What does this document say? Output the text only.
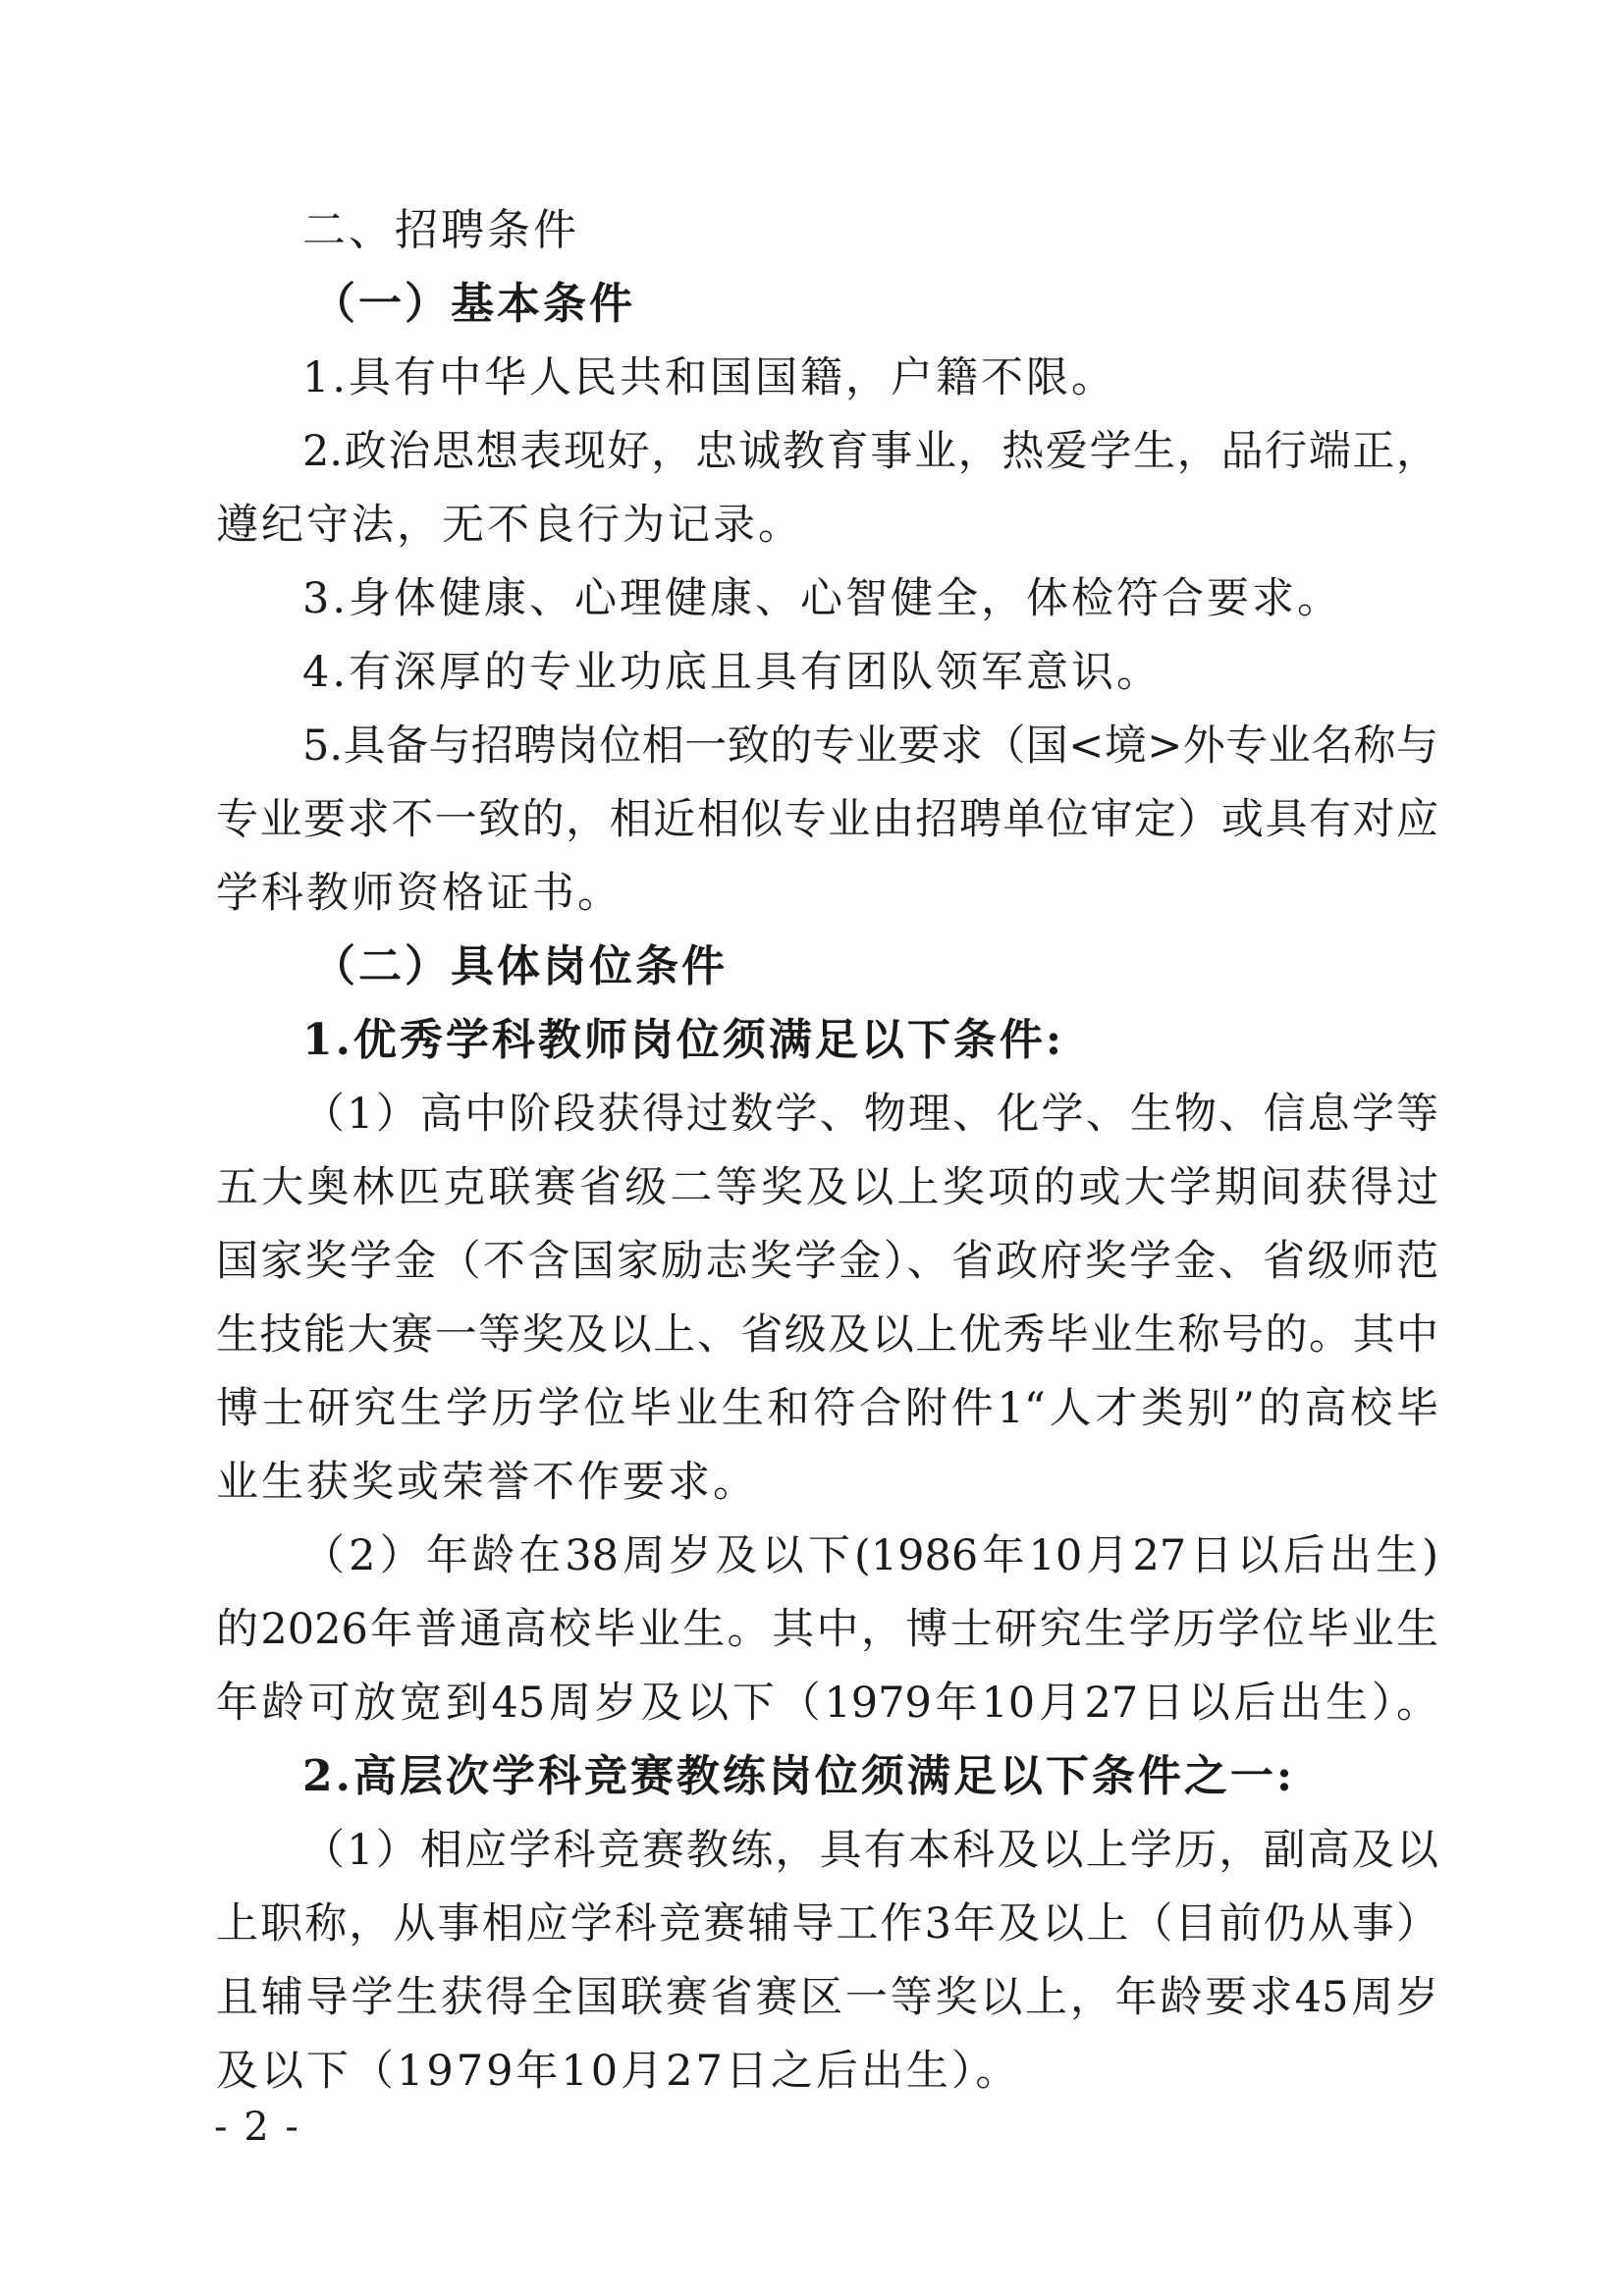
二、招聘条件
（一）基本条件
1.具有中华人民共和国国籍，户籍不限。
2.政治思想表现好，忠诚教育事业，热爱学生，品行端正，
遵纪守法，无不良行为记录。
3.身体健康、心理健康、心智健全，体检符合要求。
4.有深厚的专业功底且具有团队领军意识。
5.具备与招聘岗位相一致的专业要求（国<境>外专业名称与
专业要求不一致的，相近相似专业由招聘单位审定）或具有对应
学科教师资格证书。
（二）具体岗位条件
1.优秀学科教师岗位须满足以下条件:
（1）高中阶段获得过数学、物理、化学、生物、信息学等
五大奥林匹克联赛省级二等奖及以上奖项的或大学期间获得过
国家奖学金（不含国家励志奖学金）、省政府奖学金、省级师范
生技能大赛一等奖及以上、省级及以上优秀毕业生称号的。其中
博士研究生学历学位毕业生和符合附件1“人才类别”的高校毕
业生获奖或荣誉不作要求。
（2）年龄在38周岁及以下(1986年10月27日以后出生)
的2026年普通高校毕业生。其中，博士研究生学历学位毕业生
年龄可放宽到45周岁及以下（1979年10月27日以后出生）。
2.高层次学科竞赛教练岗位须满足以下条件之一:
（1）相应学科竞赛教练，具有本科及以上学历，副高及以
上职称，从事相应学科竞赛辅导工作3年及以上（目前仍从事）
且辅导学生获得全国联赛省赛区一等奖以上，年龄要求45周岁
及以下（1979年10月27日之后出生）。
- 2 -
